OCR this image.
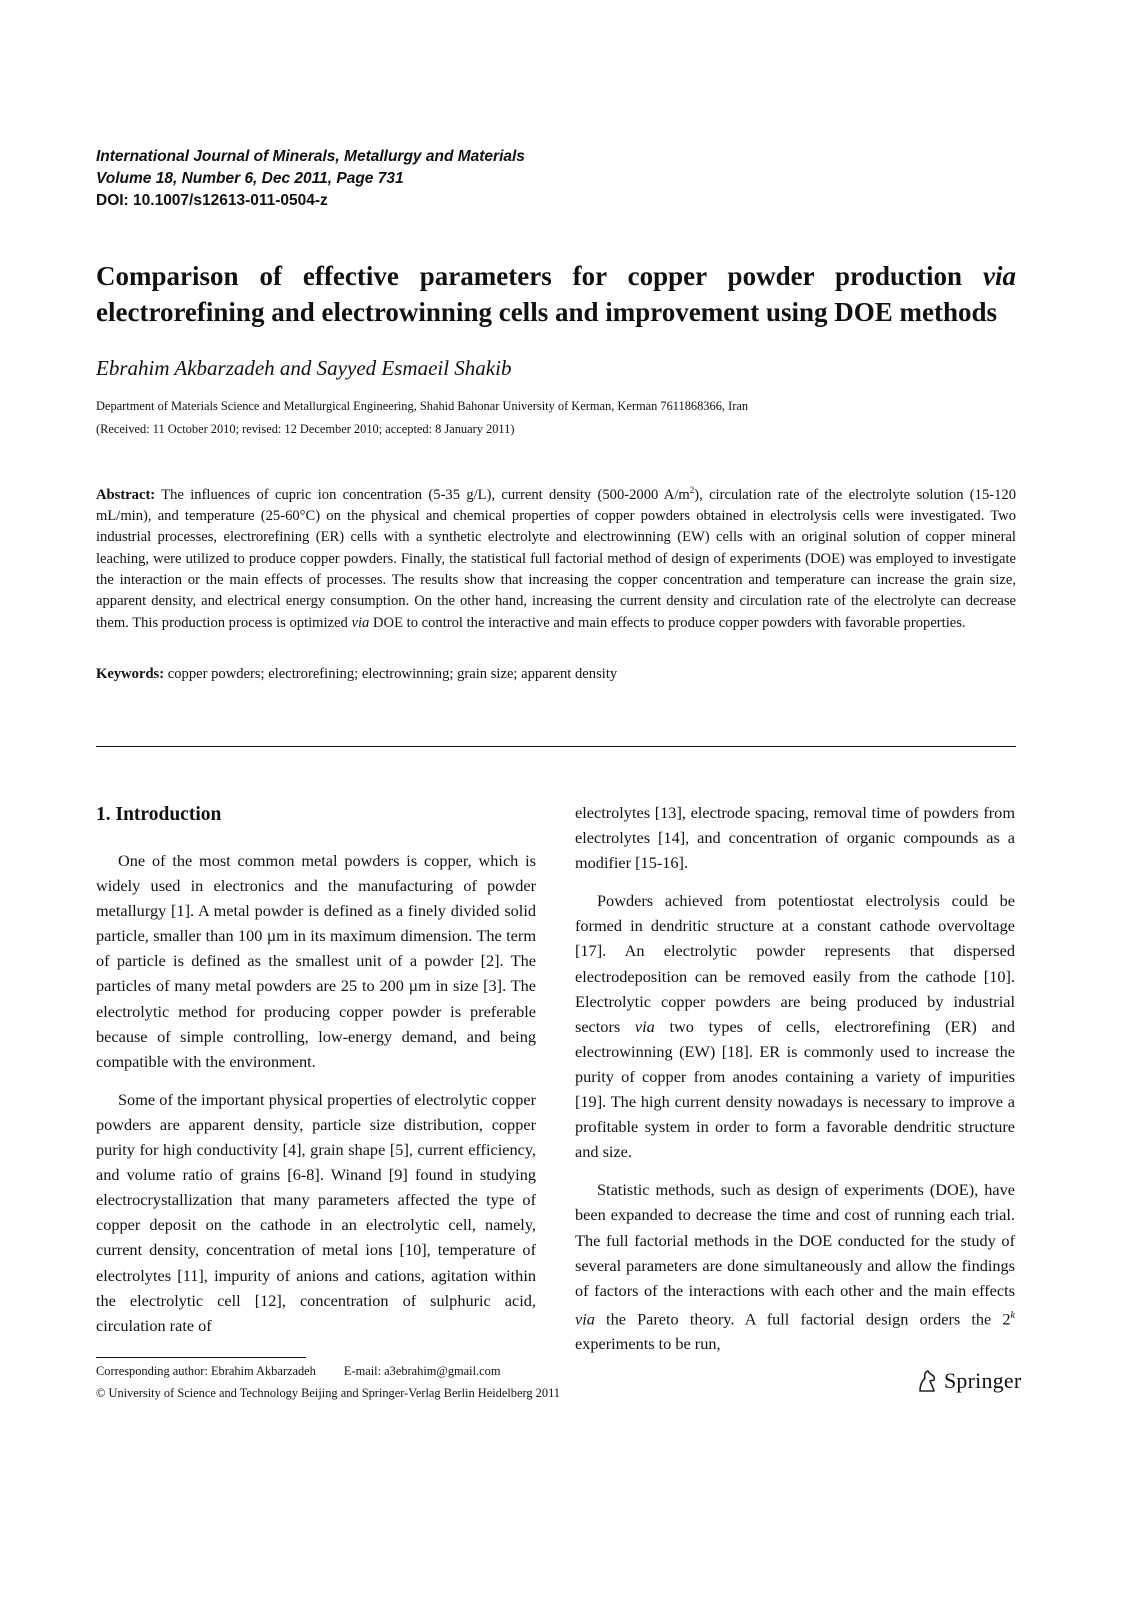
International Journal of Minerals, Metallurgy and Materials
Volume 18, Number 6, Dec 2011, Page 731
DOI: 10.1007/s12613-011-0504-z
Comparison of effective parameters for copper powder production via electrorefining and electrowinning cells and improvement using DOE methods
Ebrahim Akbarzadeh and Sayyed Esmaeil Shakib
Department of Materials Science and Metallurgical Engineering, Shahid Bahonar University of Kerman, Kerman 7611868366, Iran
(Received: 11 October 2010; revised: 12 December 2010; accepted: 8 January 2011)
Abstract: The influences of cupric ion concentration (5-35 g/L), current density (500-2000 $A/m^2$), circulation rate of the electrolyte solution (15-120 mL/min), and temperature (25-60°C) on the physical and chemical properties of copper powders obtained in electrolysis cells were investigated. Two industrial processes, electrorefining (ER) cells with a synthetic electrolyte and electrowinning (EW) cells with an original solution of copper mineral leaching, were utilized to produce copper powders. Finally, the statistical full factorial method of design of experiments (DOE) was employed to investigate the interaction or the main effects of processes. The results show that increasing the copper concentration and temperature can increase the grain size, apparent density, and electrical energy consumption. On the other hand, increasing the current density and circulation rate of the electrolyte can decrease them. This production process is optimized via DOE to control the interactive and main effects to produce copper powders with favorable properties.
Keywords: copper powders; electrorefining; electrowinning; grain size; apparent density
1. Introduction

One of the most common metal powders is copper, which is widely used in electronics and the manufacturing of powder metallurgy [1]. A metal powder is defined as a finely divided solid particle, smaller than 100 µm in its maximum dimension. The term of particle is defined as the smallest unit of a powder [2]. The particles of many metal powders are 25 to 200 µm in size [3]. The electrolytic method for producing copper powder is preferable because of simple controlling, low-energy demand, and being compatible with the environment.

Some of the important physical properties of electrolytic copper powders are apparent density, particle size distribution, copper purity for high conductivity [4], grain shape [5], current efficiency, and volume ratio of grains [6-8]. Winand [9] found in studying electrocrystallization that many parameters affected the type of copper deposit on the cathode in an electrolytic cell, namely, current density, concentration of metal ions [10], temperature of electrolytes [11], impurity of anions and cations, agitation within the electrolytic cell [12], concentration of sulphuric acid, circulation rate of

electrolytes [13], electrode spacing, removal time of powders from electrolytes [14], and concentration of organic compounds as a modifier [15-16].

Powders achieved from potentiostat electrolysis could be formed in dendritic structure at a constant cathode overvoltage [17]. An electrolytic powder represents that dispersed electrodeposition can be removed easily from the cathode [10]. Electrolytic copper powders are being produced by industrial sectors via two types of cells, electrorefining (ER) and electrowinning (EW) [18]. ER is commonly used to increase the purity of copper from anodes containing a variety of impurities [19]. The high current density nowadays is necessary to improve a profitable system in order to form a favorable dendritic structure and size.

Statistic methods, such as design of experiments (DOE), have been expanded to decrease the time and cost of running each trial. The full factorial methods in the DOE conducted for the study of several parameters are done simultaneously and allow the findings of factors of the interactions with each other and the main effects via the Pareto theory. A full factorial design orders the 2$^k$ experiments to be run,

Corresponding author: Ebrahim Akbarzadeh E-mail: a3ebrahim@gmail.com
© University of Science and Technology Beijing and Springer-Verlag Berlin Heidelberg 2011	Springer
